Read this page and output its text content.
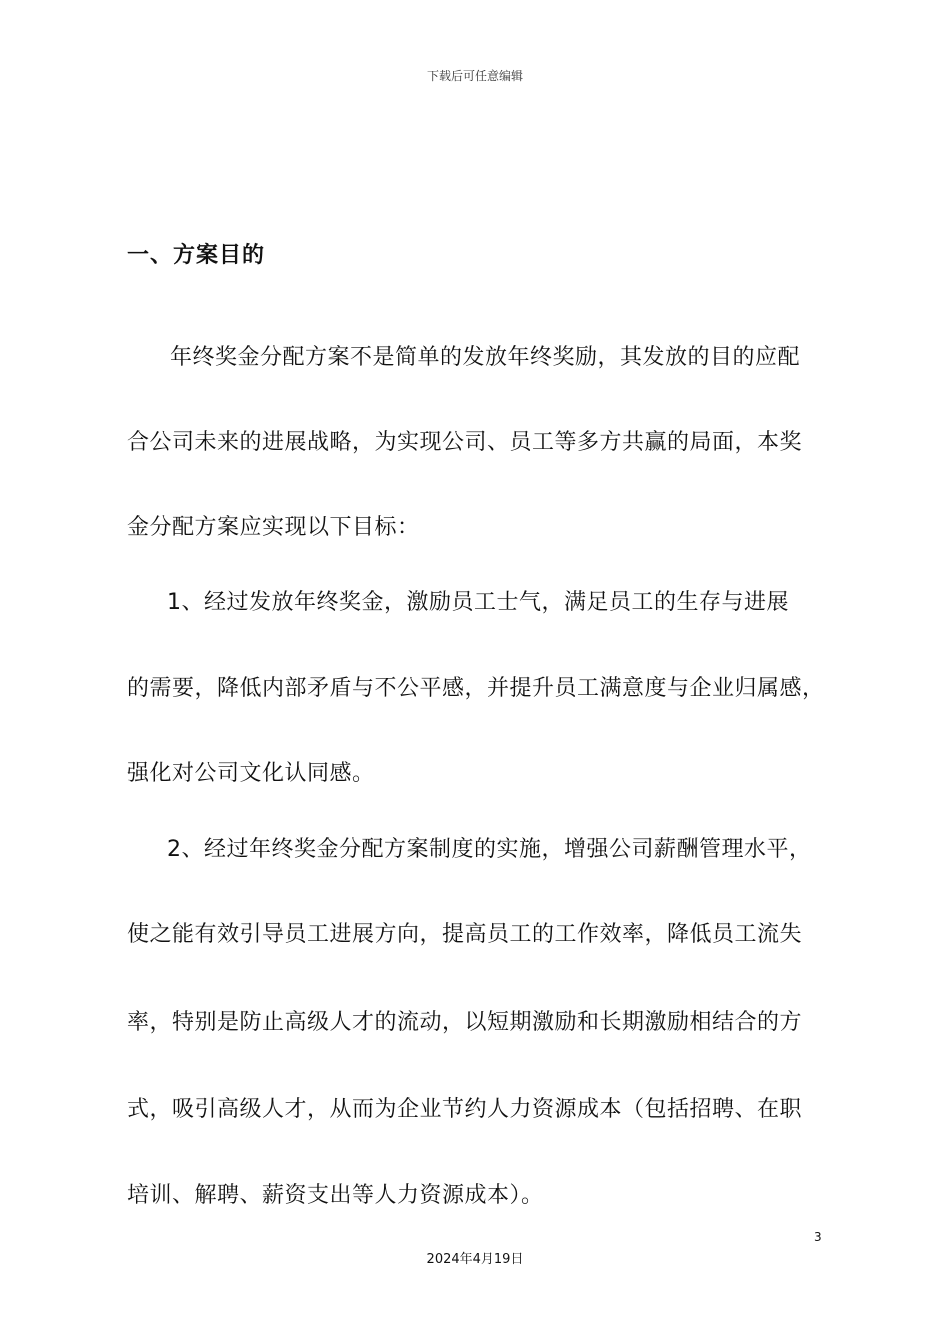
下载后可任意编辑
一、方案目的
年终奖金分配方案不是简单的发放年终奖励，其发放的目的应配
合公司未来的进展战略，为实现公司、员工等多方共赢的局面，本奖
金分配方案应实现以下目标：
1、经过发放年终奖金，激励员工士气，满足员工的生存与进展
的需要，降低内部矛盾与不公平感，并提升员工满意度与企业归属感，
强化对公司文化认同感。
2、经过年终奖金分配方案制度的实施，增强公司薪酬管理水平，
使之能有效引导员工进展方向，提高员工的工作效率，降低员工流失
率，特别是防止高级人才的流动，以短期激励和长期激励相结合的方
式，吸引高级人才，从而为企业节约人力资源成本（包括招聘、在职
培训、解聘、薪资支出等人力资源成本）。
3
2024年4月19日
